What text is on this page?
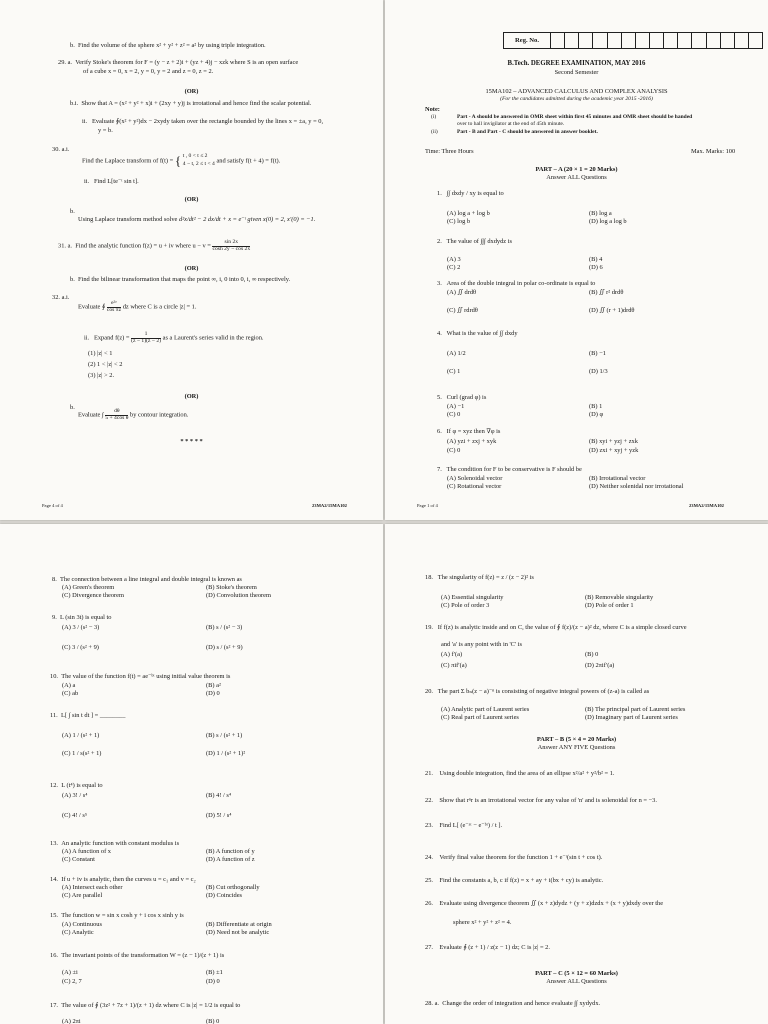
b. Find the volume of the sphere x² + y² + z² = a² by using triple integration.
29. a. Verify Stoke's theorem for F = (y − z + 2)i + (yz + 4)j − xzk where S is an open surface
of a cube x = 0, x = 2, y = 0, y = 2 and z = 0, z = 2.
(OR)
b.i. Show that A = (x² + y² + x)i + (2xy + y)j is irrotational and hence find the scalar potential.
ii. Evaluate ∮(x² + y²)dx − 2xydy taken over the rectangle bounded by the lines x = ±a, y = 0,
y = b.
30. a.i.
Find the Laplace transform of f(t) = { t , 0 < t ≤ 2
4 − t, 2 ≤ t < 4 and satisfy f(t + 4) = f(t).
ii. Find L[te⁻ᵗ sin t].
(OR)
b.
Using Laplace transform method solve d²x/dt² − 2 dx/dt + x = e⁻ᵗ given x(0) = 2, x′(0) = −1.
31. a. Find the analytic function f(z) = u + iv where $u - v = \frac{\sin 2x}{\cosh 2y - \cos 2x}$
(OR)
b. Find the bilinear transformation that maps the point ∞, i, 0 into 0, i, ∞ respectively.
32. a.i.
Evaluate ∮ $\frac{\text{e²ᶻ}}{\text{cos πz}}$ dz where C is a circle |z| = 1.
ii. Expand $f(z) = \frac{1}{(z - 1)(z - 2)}$ as a Laurent's series valid in the region.
(1) |z| < 1
(2) 1 < |z| < 2
(3) |z| > 2.
(OR)
b.
Evaluate ∫ $\frac{d\theta}{\text{5 + 4cos θ}}$ by contour integration.
* * * * *
Page 4 of 4	23MA2/15MA102
Reg. No.
B.Tech. DEGREE EXAMINATION, MAY 2016
Second Semester
15MA102 – ADVANCED CALCULUS AND COMPLEX ANALYSIS
(For the candidates admitted during the academic year 2015 -2016)
Note:
(i)	Part - A should be answered in OMR sheet within first 45 minutes and OMR sheet should be handed
over to hall invigilator at the end of 45th minute.
(ii)	Part - B and Part - C should be answered in answer booklet.
Time: Three Hours	Max. Marks: 100
PART – A (20 × 1 = 20 Marks)
Answer ALL Questions
1. ∫∫ dxdy / xy is equal to
(A) log a + log b	(B) log a
(C) log b	(D) log a log b
2. The value of ∫∫∫ dxdydz is
(A) 3	(B) 4
(C) 2	(D) 6
3. Area of the double integral in polar co-ordinate is equal to
(A) ∬ drdθ	(B) ∬ r² drdθ
(C) ∬ rdrdθ	(D) ∬ (r + 1)drdθ
4. What is the value of ∫∫ dxdy
(A) 1/2	(B) −1
(C) 1	(D) 1/3
5. Curl (grad φ) is
(A) −1	(B) 1
(C) 0	(D) φ
6. If φ = xyz then ∇φ is
(A) yzi + zxj + xyk	(B) xyi + yzj + zxk
(C) 0	(D) zxi + xyj + yzk
7. The condition for F to be conservative is F should be
(A) Solenoidal vector	(B) Irrotational vector
(C) Rotational vector	(D) Neither solenidal nor irrotational
Page 1 of 4	23MA2/15MA102
8. The connection between a line integral and double integral is known as
(A) Green's theorem	(B) Stoke's theorem
(C) Divergence theorem	(D) Convolution theorem
9. L (sin 3t) is equal to
(A) 3 / (s² − 3)	(B) s / (s² − 3)
(C) 3 / (s² + 9)	(D) s / (s² + 9)
10. The value of the function f(t) = ae⁻ᵇᵗ using initial value theorem is
(A) a	(B) a²
(C) ab	(D) 0
11. L[ ∫ sin t dt ] = ________
(A) 1 / (s² + 1)	(B) s / (s² + 1)
(C) 1 / s(s² + 1)	(D) 1 / (s² + 1)²
12. L (t⁴) is equal to
(A) 3! / s⁴	(B) 4! / s⁴
(C) 4! / s⁵	(D) 5! / s⁴
13. An analytic function with constant modulus is
(A) A function of x	(B) A function of y
(C) Constant	(D) A function of z
14. If u + iv is analytic, then the curves u = c₁ and v = c₂
(A) Intersect each other	(B) Cut orthogonally
(C) Are parallel	(D) Coincides
15. The function w = sin x cosh y + i cos x sinh y is
(A) Continuous	(B) Differentiate at origin
(C) Analytic	(D) Need not be analytic
16. The invariant points of the transformation W = (z − 1)/(z + 1) is
(A) ±i	(B) ±1
(C) 2, 7	(D) 0
17. The value of ∮ (3z² + 7z + 1)/(z + 1) dz where C is |z| = 1/2 is equal to
(A) 2πi	(B) 0
18. The singularity of f(z) = z / (z − 2)² is
(A) Essential singularity	(B) Removable singularity
(C) Pole of order 3	(D) Pole of order 1
19. If f(z) is analytic inside and on C, the value of ∮ f(z)/(z − a)² dz, where C is a simple closed curve
and 'a' is any point with in 'C' is
(A) f′(a)	(B) 0
(C) πif′(a)	(D) 2πif′(a)
20. The part Σ bₙ(z − a)⁻ⁿ is consisting of negative integral powers of (z-a) is called as
(A) Analytic part of Laurent series	(B) The principal part of Laurent series
(C) Real part of Laurent series	(D) Imaginary part of Laurent series
PART – B (5 × 4 = 20 Marks)
Answer ANY FIVE Questions
21. Using double integration, find the area of an ellipse x²/a² + y²/b² = 1.
22. Show that rⁿr is an irrotational vector for any value of 'n' and is solenoidal for n = −3.
23. Find L[ (e⁻ᵃᵗ − e⁻ᵇᵗ) / t ].
24. Verify final value theorem for the function 1 + e⁻ᵗ(sin t + cos t).
25. Find the constants a, b, c if f(z) = x + ay + i(bx + cy) is analytic.
26. Evaluate using divergence theorem ∬ (x + z)dydz + (y + z)dzdx + (x + y)dxdy over the
sphere x² + y² + z² = 4.
27. Evaluate ∮ (z + 1) / z(z − 1) dz; C is |z| = 2.
PART – C (5 × 12 = 60 Marks)
Answer ALL Questions
28. a. Change the order of integration and hence evaluate ∫∫ xydydx.
